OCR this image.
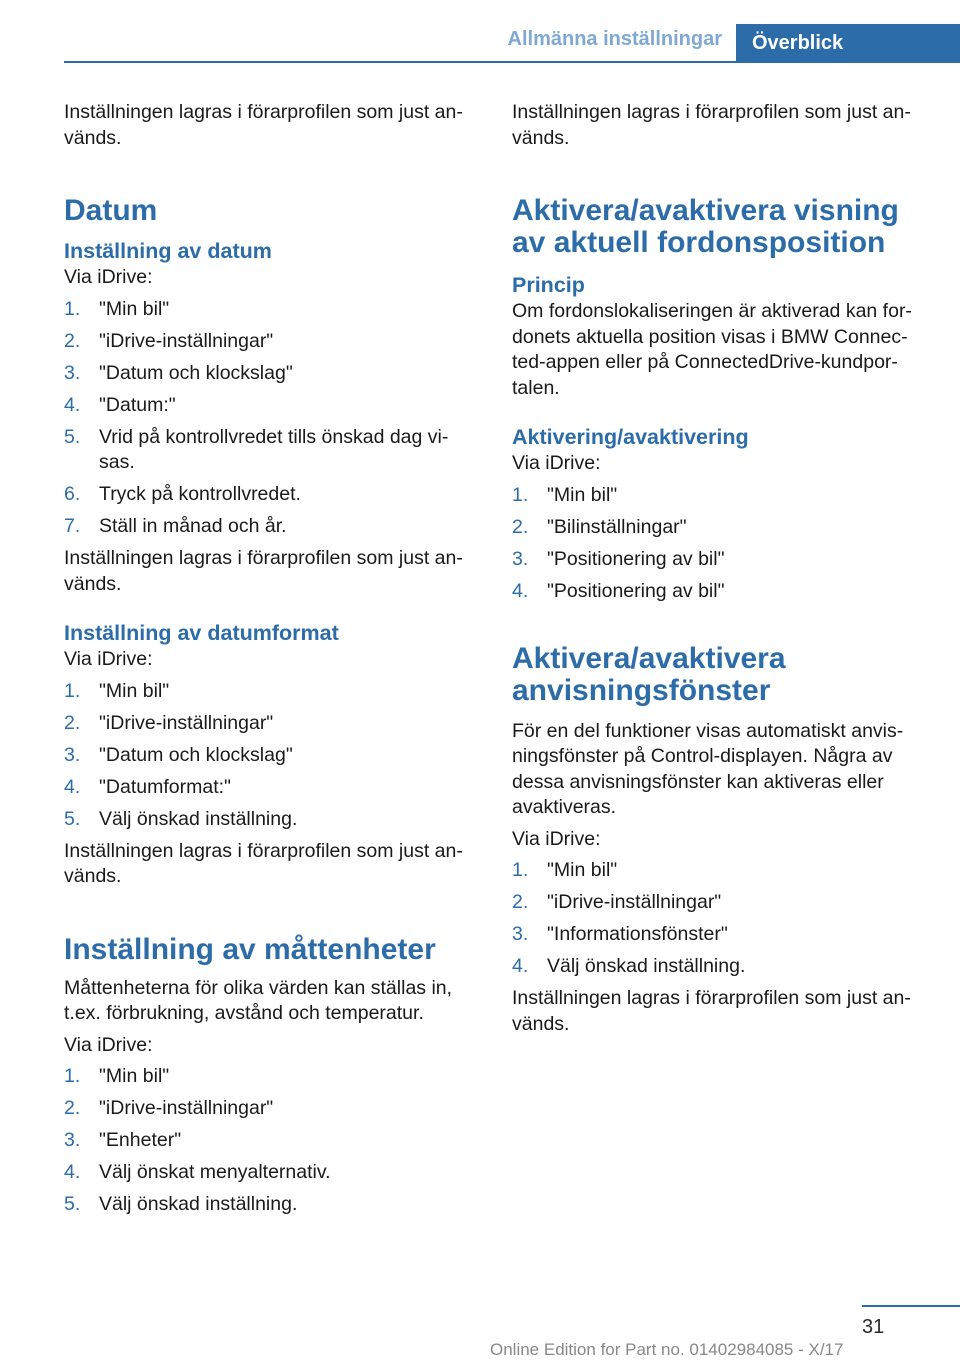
Allmänna inställningar	Överblick

Inställningen lagras i förarprofilen som just an-vänds.

Datum
Inställning av datum

Via iDrive:

1. "Min bil"
2. "iDrive-inställningar"
3. "Datum och klockslag"
4. "Datum:"
5. Vrid på kontrollvredet tills önskad dag vi-sas.
6. Tryck på kontrollvredet.
7. Ställ in månad och år.

Inställningen lagras i förarprofilen som just an-vänds.

Inställning av datumformat

Via iDrive:

1. "Min bil"
2. "iDrive-inställningar"
3. "Datum och klockslag"
4. "Datumformat:"
5. Välj önskad inställning.

Inställningen lagras i förarprofilen som just an-vänds.

Inställning av måttenheter

Måttenheterna för olika värden kan ställas in, t.ex. förbrukning, avstånd och temperatur.

Via iDrive:

1. "Min bil"
2. "iDrive-inställningar"
3. "Enheter"
4. Välj önskat menyalternativ.
5. Välj önskad inställning.

Inställningen lagras i förarprofilen som just an-vänds.

Aktivera/avaktivera visning av aktuell fordonsposition
Princip

Om fordonslokaliseringen är aktiverad kan for-donets aktuella position visas i BMW Connec-ted-appen eller på ConnectedDrive-kundpor-talen.

Aktivering/avaktivering

Via iDrive:

1. "Min bil"
2. "Bilinställningar"
3. "Positionering av bil"
4. "Positionering av bil"
Aktivera/avaktivera anvisningsfönster

För en del funktioner visas automatiskt anvis-ningsfönster på Control-displayen. Några av dessa anvisningsfönster kan aktiveras eller avaktiveras.

Via iDrive:

1. "Min bil"
2. "iDrive-inställningar"
3. "Informationsfönster"
4. Välj önskad inställning.

Inställningen lagras i förarprofilen som just an-vänds.

31
Online Edition for Part no. 01402984085 - X/17
